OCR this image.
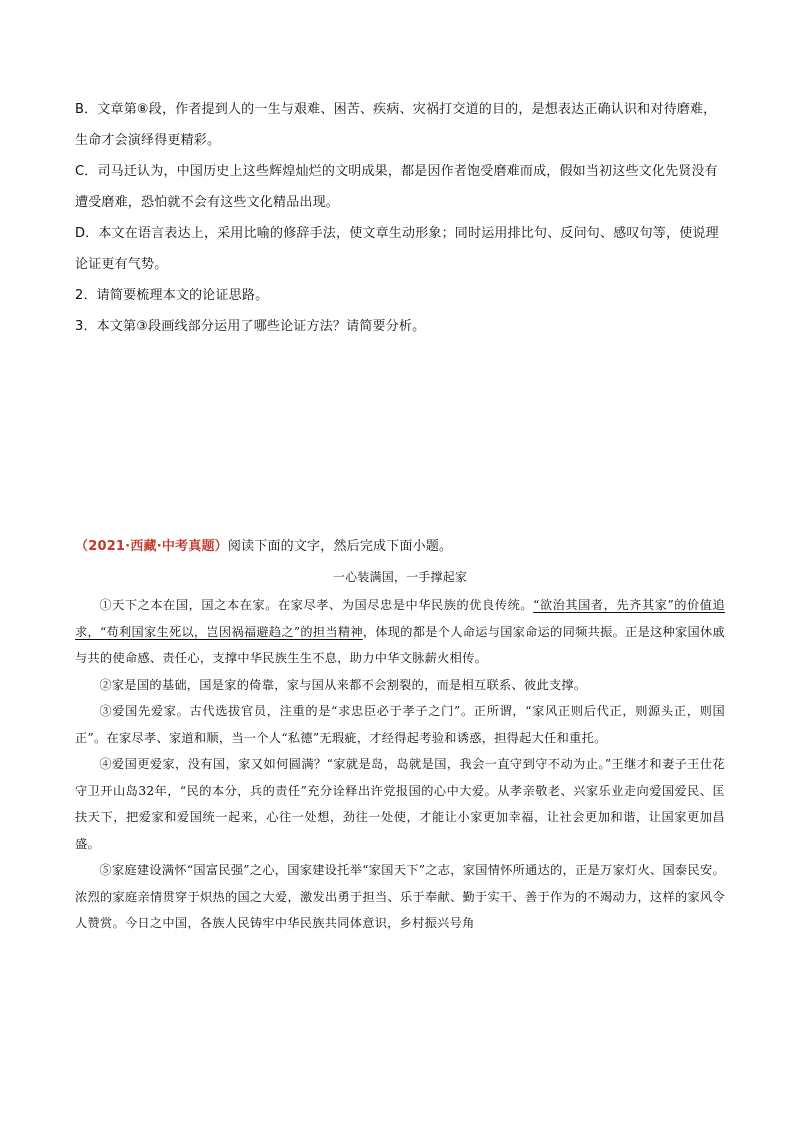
B．文章第⑧段，作者提到人的一生与艰难、困苦、疾病、灾祸打交道的目的，是想表达正确认识和对待磨难，生命才会演绎得更精彩。

C．司马迁认为，中国历史上这些辉煌灿烂的文明成果，都是因作者饱受磨难而成，假如当初这些文化先贤没有遭受磨难，恐怕就不会有这些文化精品出现。

D．本文在语言表达上，采用比喻的修辞手法，使文章生动形象；同时运用排比句、反问句、感叹句等，使说理论证更有气势。

2．请简要梳理本文的论证思路。

3．本文第③段画线部分运用了哪些论证方法？请简要分析。

（2021·西藏·中考真题）阅读下面的文字，然后完成下面小题。

一心装满国，一手撑起家

①天下之本在国，国之本在家。在家尽孝、为国尽忠是中华民族的优良传统。“欲治其国者，先齐其家”的价值追求，“苟利国家生死以，岂因祸福避趋之”的担当精神，体现的都是个人命运与国家命运的同频共振。正是这种家国休戚与共的使命感、责任心，支撑中华民族生生不息，助力中华文脉薪火相传。

②家是国的基础，国是家的倚靠，家与国从来都不会割裂的，而是相互联系、彼此支撑。

③爱国先爱家。古代选拔官员，注重的是“求忠臣必于孝子之门”。正所谓，“家风正则后代正，则源头正，则国正”。在家尽孝、家道和顺，当一个人“私德”无瑕疵，才经得起考验和诱惑，担得起大任和重托。

④爱国更爱家，没有国，家又如何圆满？“家就是岛，岛就是国，我会一直守到守不动为止。”王继才和妻子王仕花守卫开山岛32年，“民的本分，兵的责任”充分诠释出许党报国的心中大爱。从孝亲敬老、兴家乐业走向爱国爱民、匡扶天下，把爱家和爱国统一起来，心往一处想，劲往一处使，才能让小家更加幸福，让社会更加和谐，让国家更加昌盛。

⑤家庭建设满怀“国富民强”之心，国家建设托举“家国天下”之志，家国情怀所通达的，正是万家灯火、国泰民安。浓烈的家庭亲情贯穿于炽热的国之大爱，激发出勇于担当、乐于奉献、勤于实干、善于作为的不竭动力，这样的家风令人赞赏。今日之中国，各族人民铸牢中华民族共同体意识，乡村振兴号角
